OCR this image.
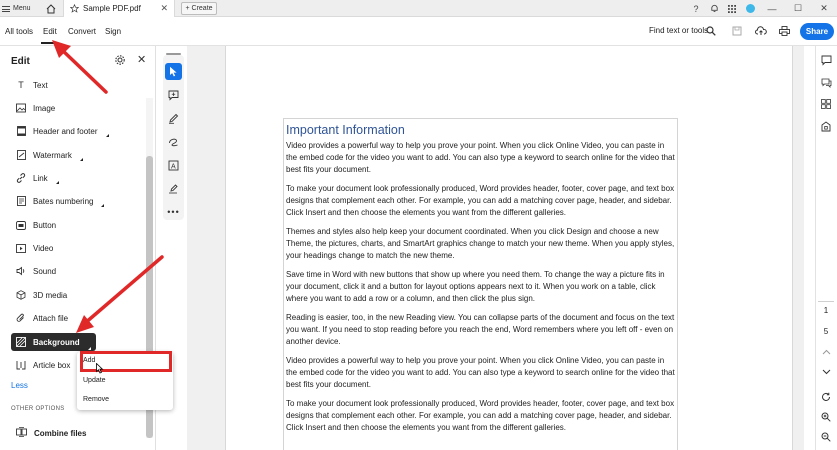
Menu	Sample PDF.pdf ✕ + Create	?	—	☐	✕
All tools Edit Convert Sign	Find text or tools	Share
Edit	✕
T Text
Image
Header and footer
Watermark
Link
Bates numbering
Button
Video
Sound
3D media
Attach file
Background
Article box
Less
OTHER OPTIONS
Combine files
Add
Update
Remove
A
•••
Important Information

Video provides a powerful way to help you prove your point. When you click Online Video, you can paste in the embed code for the video you want to add. You can also type a keyword to search online for the video that best fits your document.

To make your document look professionally produced, Word provides header, footer, cover page, and text box designs that complement each other. For example, you can add a matching cover page, header, and sidebar. Click Insert and then choose the elements you want from the different galleries.

Themes and styles also help keep your document coordinated. When you click Design and choose a new Theme, the pictures, charts, and SmartArt graphics change to match your new theme. When you apply styles, your headings change to match the new theme.

Save time in Word with new buttons that show up where you need them. To change the way a picture fits in your document, click it and a button for layout options appears next to it. When you work on a table, click where you want to add a row or a column, and then click the plus sign.

Reading is easier, too, in the new Reading view. You can collapse parts of the document and focus on the text you want. If you need to stop reading before you reach the end, Word remembers where you left off - even on another device.

Video provides a powerful way to help you prove your point. When you click Online Video, you can paste in the embed code for the video you want to add. You can also type a keyword to search online for the video that best fits your document.

To make your document look professionally produced, Word provides header, footer, cover page, and text box designs that complement each other. For example, you can add a matching cover page, header, and sidebar. Click Insert and then choose the elements you want from the different galleries.

1
5
